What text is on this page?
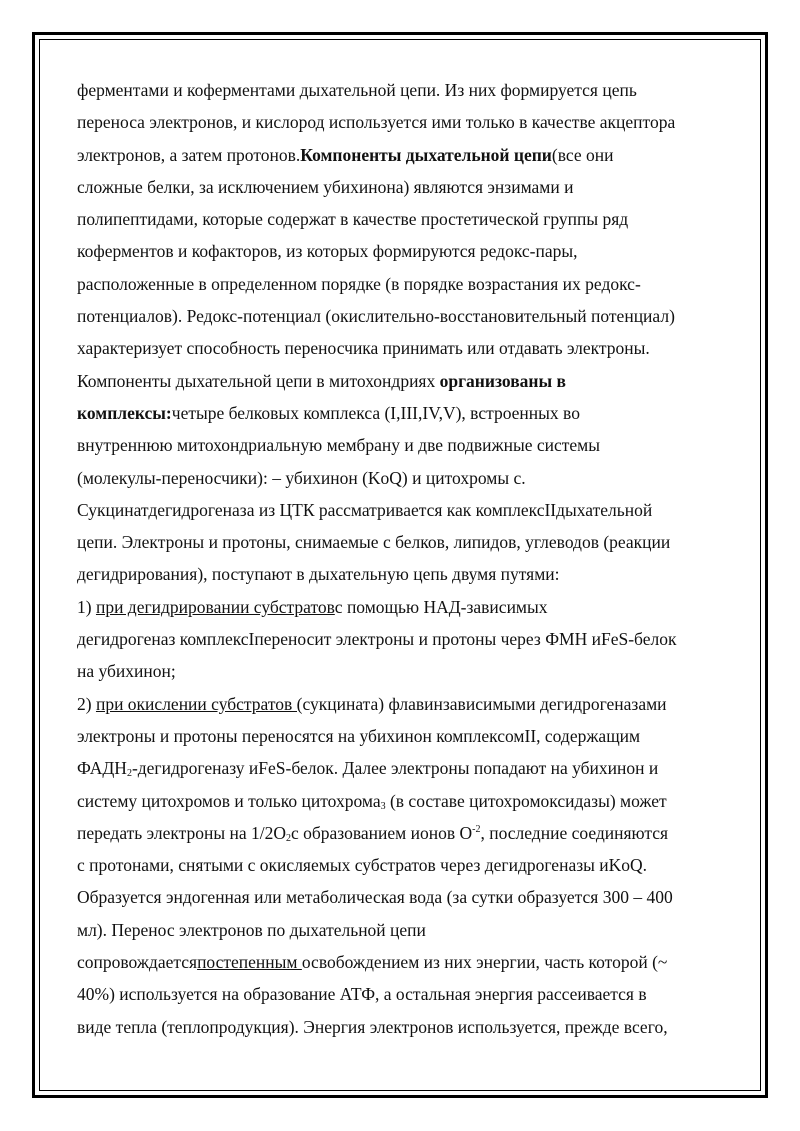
ферментами и коферментами дыхательной цепи. Из них формируется цепь
переноса электронов, и кислород используется ими только в качестве акцептора
электронов, а затем протонов.Компоненты дыхательной цепи(все они
сложные белки, за исключением убихинона) являются энзимами и
полипептидами, которые содержат в качестве простетической группы ряд
коферментов и кофакторов, из которых формируются редокс-пары,
расположенные в определенном порядке (в порядке возрастания их редокс-
потенциалов). Редокс-потенциал (окислительно-восстановительный потенциал)
характеризует способность переносчика принимать или отдавать электроны.
Компоненты дыхательной цепи в митохондриях организованы в
комплексы:четыре белковых комплекса (I,III,IV,V), встроенных во
внутреннюю митохондриальную мембрану и две подвижные системы
(молекулы-переносчики): – убихинон (KoQ) и цитохромы c.
Сукцинатдегидрогеназа из ЦТК рассматривается как комплексIIдыхательной
цепи. Электроны и протоны, снимаемые с белков, липидов, углеводов (реакции
дегидрирования), поступают в дыхательную цепь двумя путями:
1) при дегидрировании субстратовс помощью НАД-зависимых
дегидрогеназ комплексIпереносит электроны и протоны через ФМН иFeS-белок
на убихинон;
2) при окислении субстратов (сукцината) флавинзависимыми дегидрогеназами
электроны и протоны переносятся на убихинон комплексомII, содержащим
$ФАДН_2$-дегидрогеназу иFeS-белок. Далее электроны попадают на убихинон и
систему цитохромов и только цитохрома$_3$ (в составе цитохромоксидазы) может
передать электроны на $1/2O_2с$ образованием ионов $O^{-2}$, последние соединяются
с протонами, снятыми с окисляемых субстратов через дегидрогеназы иKoQ.
Образуется эндогенная или метаболическая вода (за сутки образуется 300 – 400
мл). Перенос электронов по дыхательной цепи
сопровождаетсяпостепенным освобождением из них энергии, часть которой (~
40%) используется на образование АТФ, а остальная энергия рассеивается в
виде тепла (теплопродукция). Энергия электронов используется, прежде всего,
